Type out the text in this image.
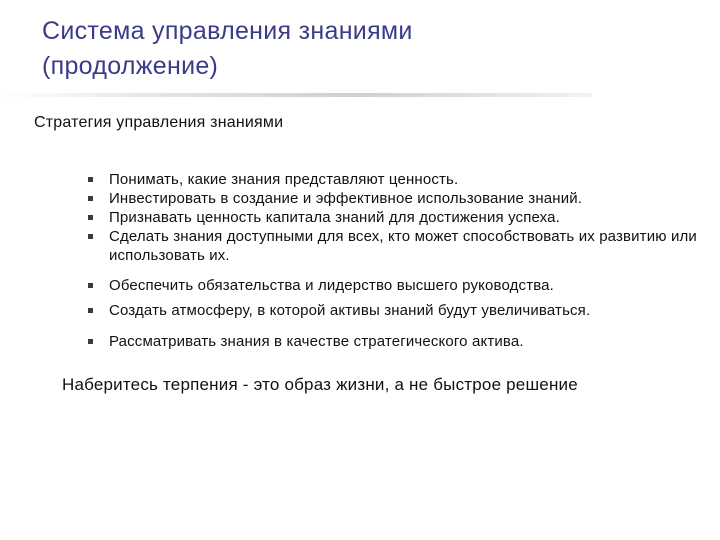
Система управления знаниями
(продолжение)

Стратегия управления знаниями

Понимать, какие знания представляют ценность.
Инвестировать в создание и эффективное использование знаний.
Признавать ценность капитала знаний для достижения успеха.
Сделать знания доступными для всех, кто может способствовать их развитию или использовать их.
Обеспечить обязательства и лидерство высшего руководства.
Создать атмосферу, в которой активы знаний будут увеличиваться.
Рассматривать знания в качестве стратегического актива.

Наберитесь терпения - это образ жизни, а не быстрое решение
